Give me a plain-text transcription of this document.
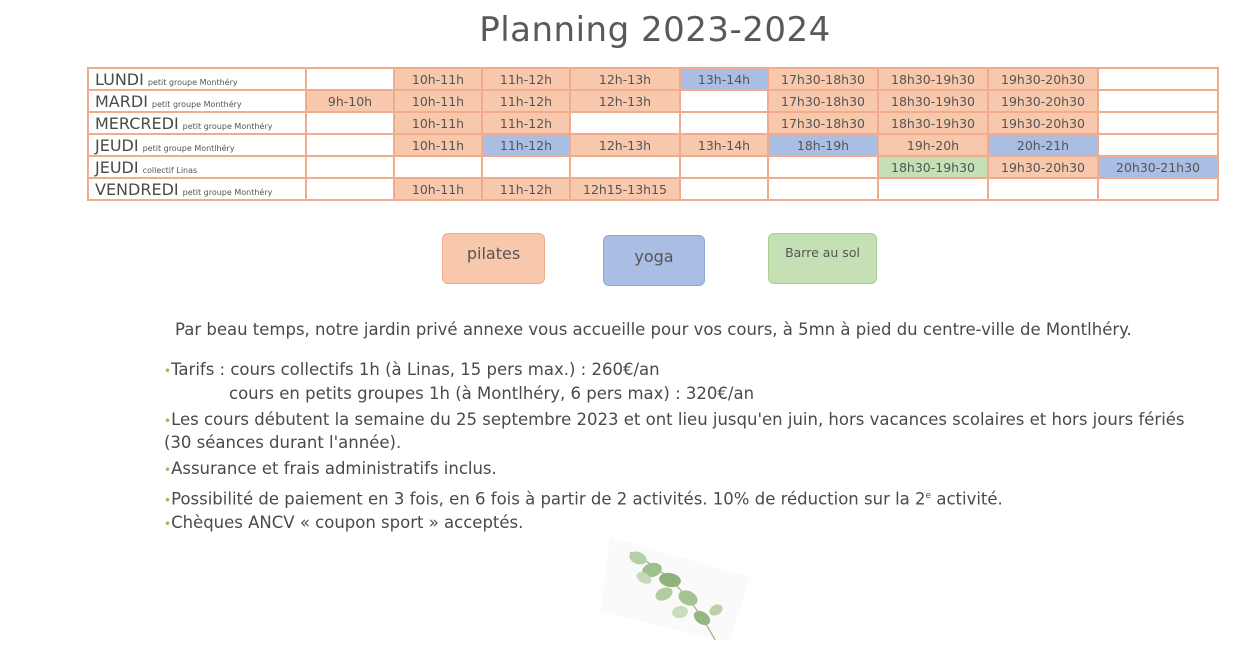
Planning 2023-2024
LUNDI petit groupe Monthéry		10h-11h	11h-12h	12h-13h	13h-14h	17h30-18h30	18h30-19h30	19h30-20h30	
MARDI petit groupe Monthéry	9h-10h	10h-11h	11h-12h	12h-13h		17h30-18h30	18h30-19h30	19h30-20h30	
MERCREDI petit groupe Monthéry		10h-11h	11h-12h			17h30-18h30	18h30-19h30	19h30-20h30	
JEUDI petit groupe Montlhéry		10h-11h	11h-12h	12h-13h	13h-14h	18h-19h	19h-20h	20h-21h	
JEUDI collectif Linas							18h30-19h30	19h30-20h30	20h30-21h30
VENDREDI petit groupe Monthéry		10h-11h	11h-12h	12h15-13h15					
pilates	yoga	Barre au sol
Par beau temps, notre jardin privé annexe vous accueille pour vos cours, à 5mn à pied du centre-ville de Montlhéry.
•Tarifs : cours collectifs 1h (à Linas, 15 pers max.) : 260€/an
cours en petits groupes 1h (à Montlhéry, 6 pers max) : 320€/an
•Les cours débutent la semaine du 25 septembre 2023 et ont lieu jusqu'en juin, hors vacances scolaires et hors jours fériés
(30 séances durant l'année).
•Assurance et frais administratifs inclus.
•Possibilité de paiement en 3 fois, en 6 fois à partir de 2 activités. 10% de réduction sur la 2e activité.
•Chèques ANCV « coupon sport » acceptés.
